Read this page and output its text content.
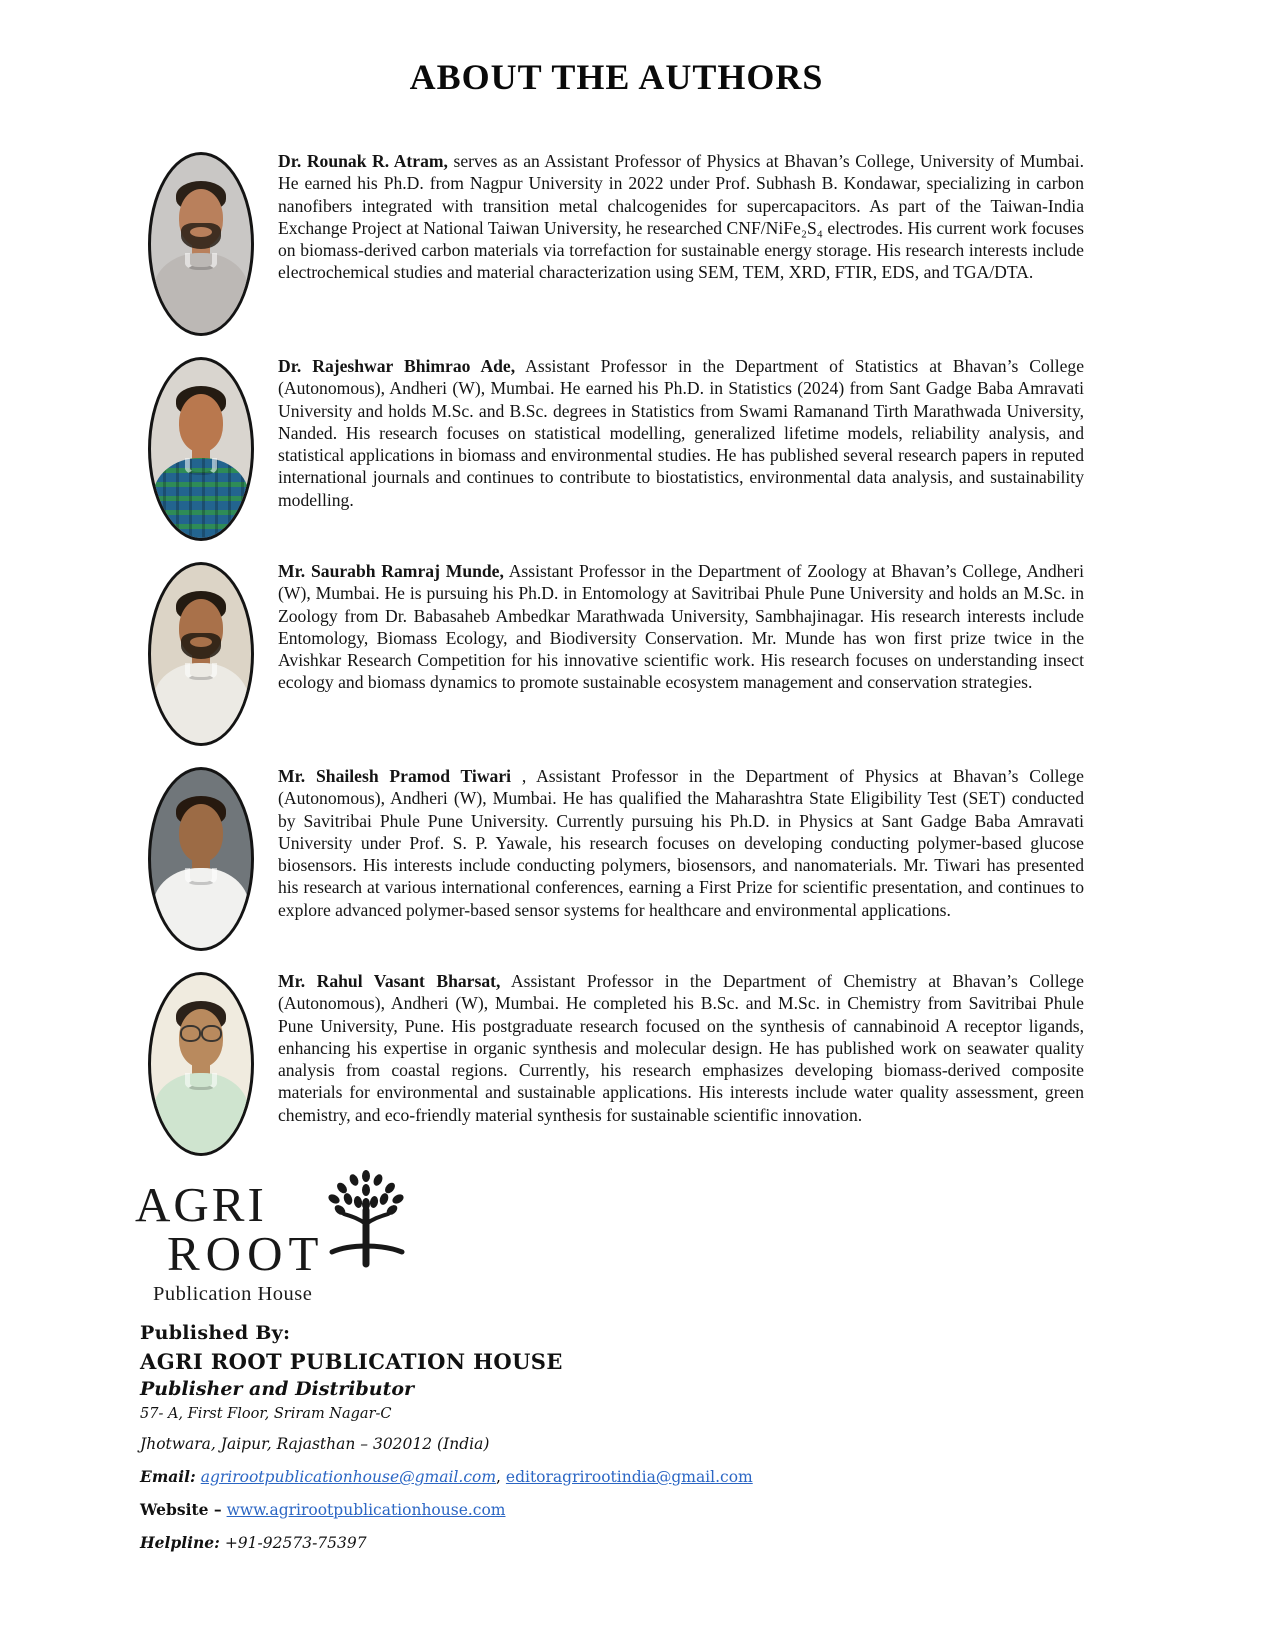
ABOUT THE AUTHORS

Dr. Rounak R. Atram, serves as an Assistant Professor of Physics at Bhavan’s College, University of Mumbai. He earned his Ph.D. from Nagpur University in 2022 under Prof. Subhash B. Kondawar, specializing in carbon nanofibers integrated with transition metal chalcogenides for supercapacitors. As part of the Taiwan-India Exchange Project at National Taiwan University, he researched CNF/NiFe₂S₄ electrodes. His current work focuses on biomass-derived carbon materials via torrefaction for sustainable energy storage. His research interests include electrochemical studies and material characterization using SEM, TEM, XRD, FTIR, EDS, and TGA/DTA.

Dr. Rajeshwar Bhimrao Ade, Assistant Professor in the Department of Statistics at Bhavan’s College (Autonomous), Andheri (W), Mumbai. He earned his Ph.D. in Statistics (2024) from Sant Gadge Baba Amravati University and holds M.Sc. and B.Sc. degrees in Statistics from Swami Ramanand Tirth Marathwada University, Nanded. His research focuses on statistical modelling, generalized lifetime models, reliability analysis, and statistical applications in biomass and environmental studies. He has published several research papers in reputed international journals and continues to contribute to biostatistics, environmental data analysis, and sustainability modelling.

Mr. Saurabh Ramraj Munde, Assistant Professor in the Department of Zoology at Bhavan’s College, Andheri (W), Mumbai. He is pursuing his Ph.D. in Entomology at Savitribai Phule Pune University and holds an M.Sc. in Zoology from Dr. Babasaheb Ambedkar Marathwada University, Sambhajinagar. His research interests include Entomology, Biomass Ecology, and Biodiversity Conservation. Mr. Munde has won first prize twice in the Avishkar Research Competition for his innovative scientific work. His research focuses on understanding insect ecology and biomass dynamics to promote sustainable ecosystem management and conservation strategies.

Mr. Shailesh Pramod Tiwari , Assistant Professor in the Department of Physics at Bhavan’s College (Autonomous), Andheri (W), Mumbai. He has qualified the Maharashtra State Eligibility Test (SET) conducted by Savitribai Phule Pune University. Currently pursuing his Ph.D. in Physics at Sant Gadge Baba Amravati University under Prof. S. P. Yawale, his research focuses on developing conducting polymer-based glucose biosensors. His interests include conducting polymers, biosensors, and nanomaterials. Mr. Tiwari has presented his research at various international conferences, earning a First Prize for scientific presentation, and continues to explore advanced polymer-based sensor systems for healthcare and environmental applications.

Mr. Rahul Vasant Bharsat, Assistant Professor in the Department of Chemistry at Bhavan’s College (Autonomous), Andheri (W), Mumbai. He completed his B.Sc. and M.Sc. in Chemistry from Savitribai Phule Pune University, Pune. His postgraduate research focused on the synthesis of cannabinoid A receptor ligands, enhancing his expertise in organic synthesis and molecular design. He has published work on seawater quality analysis from coastal regions. Currently, his research emphasizes developing biomass-derived composite materials for environmental and sustainable applications. His interests include water quality assessment, green chemistry, and eco-friendly material synthesis for sustainable scientific innovation.

AGRI
ROOT
Publication House
Published By:
AGRI ROOT PUBLICATION HOUSE
Publisher and Distributor
57- A, First Floor, Sriram Nagar-C
Jhotwara, Jaipur, Rajasthan – 302012 (India)
Email: agrirootpublicationhouse@gmail.com, editoragrirootindia@gmail.com
Website – www.agrirootpublicationhouse.com
Helpline: +91-92573-75397
